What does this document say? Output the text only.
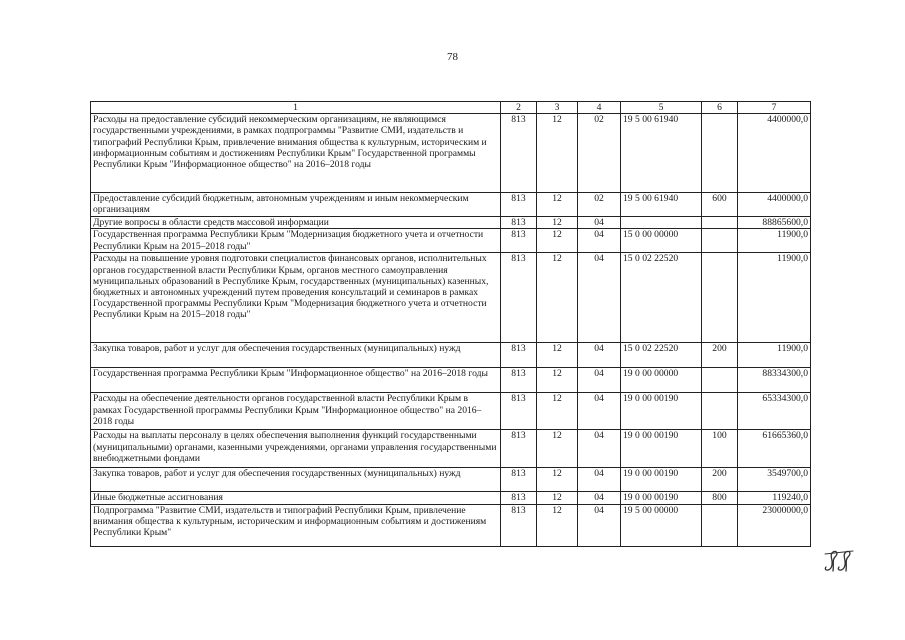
78
1	2	3	4	5	6	7
Расходы на предоставление субсидий некоммерческим организациям, не являющимся государственными учреждениями, в рамках подпрограммы "Развитие СМИ, издательств и типографий Республики Крым, привлечение внимания общества к культурным, историческим и информационным событиям и достижениям Республики Крым" Государственной программы Республики Крым "Информационное общество" на 2016–2018 годы	813	12	02	19 5 00 61940		4400000,0
Предоставление субсидий бюджетным, автономным учреждениям и иным некоммерческим организациям	813	12	02	19 5 00 61940	600	4400000,0
Другие вопросы в области средств массовой информации	813	12	04			88865600,0
Государственная программа Республики Крым "Модернизация бюджетного учета и отчетности Республики Крым на 2015–2018 годы"	813	12	04	15 0 00 00000		11900,0
Расходы на повышение уровня подготовки специалистов финансовых органов, исполнительных органов государственной власти Республики Крым, органов местного самоуправления муниципальных образований в Республике Крым, государственных (муниципальных) казенных, бюджетных и автономных учреждений путем проведения консультаций и семинаров в рамках Государственной программы Республики Крым "Модернизация бюджетного учета и отчетности Республики Крым на 2015–2018 годы"	813	12	04	15 0 02 22520		11900,0
Закупка товаров, работ и услуг для обеспечения государственных (муниципальных) нужд	813	12	04	15 0 02 22520	200	11900,0
Государственная программа Республики Крым "Информационное общество" на 2016–2018 годы	813	12	04	19 0 00 00000		88334300,0
Расходы на обеспечение деятельности органов государственной власти Республики Крым в рамках Государственной программы Республики Крым "Информационное общество" на 2016–2018 годы	813	12	04	19 0 00 00190		65334300,0
Расходы на выплаты персоналу в целях обеспечения выполнения функций государственными (муниципальными) органами, казенными учреждениями, органами управления государственными внебюджетными фондами	813	12	04	19 0 00 00190	100	61665360,0
Закупка товаров, работ и услуг для обеспечения государственных (муниципальных) нужд	813	12	04	19 0 00 00190	200	3549700,0
Иные бюджетные ассигнования	813	12	04	19 0 00 00190	800	119240,0
Подпрограмма "Развитие СМИ, издательств и типографий Республики Крым, привлечение внимания общества к культурным, историческим и информационным событиям и достижениям Республики Крым"	813	12	04	19 5 00 00000		23000000,0
